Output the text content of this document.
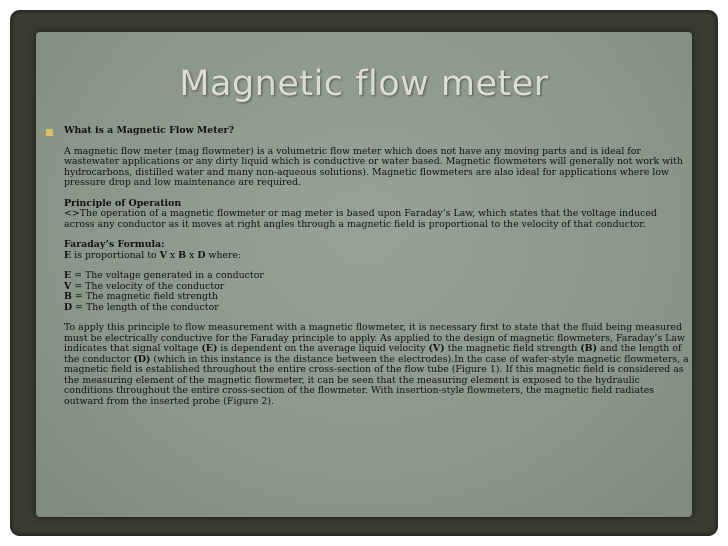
Magnetic flow meter
■ What is a Magnetic Flow Meter?

A magnetic flow meter (mag flowmeter) is a volumetric flow meter which does not have any moving parts and is ideal for wastewater applications or any dirty liquid which is conductive or water based. Magnetic flowmeters will generally not work with hydrocarbons, distilled water and many non-aqueous solutions). Magnetic flowmeters are also ideal for applications where low pressure drop and low maintenance are required.

Principle of Operation

<>The operation of a magnetic flowmeter or mag meter is based upon Faraday’s Law, which states that the voltage induced across any conductor as it moves at right angles through a magnetic field is proportional to the velocity of that conductor.

Faraday’s Formula:

E is proportional to V x B x D where:

E = The voltage generated in a conductor

V = The velocity of the conductor

B = The magnetic field strength

D = The length of the conductor

To apply this principle to flow measurement with a magnetic flowmeter, it is necessary first to state that the fluid being measured must be electrically conductive for the Faraday principle to apply. As applied to the design of magnetic flowmeters, Faraday’s Law indicates that signal voltage (E) is dependent on the average liquid velocity (V) the magnetic field strength (B) and the length of the conductor (D) (which in this instance is the distance between the electrodes).In the case of wafer-style magnetic flowmeters, a magnetic field is established throughout the entire cross-section of the flow tube (Figure 1). If this magnetic field is considered as the measuring element of the magnetic flowmeter, it can be seen that the measuring element is exposed to the hydraulic conditions throughout the entire cross-section of the flowmeter. With insertion-style flowmeters, the magnetic field radiates outward from the inserted probe (Figure 2).
